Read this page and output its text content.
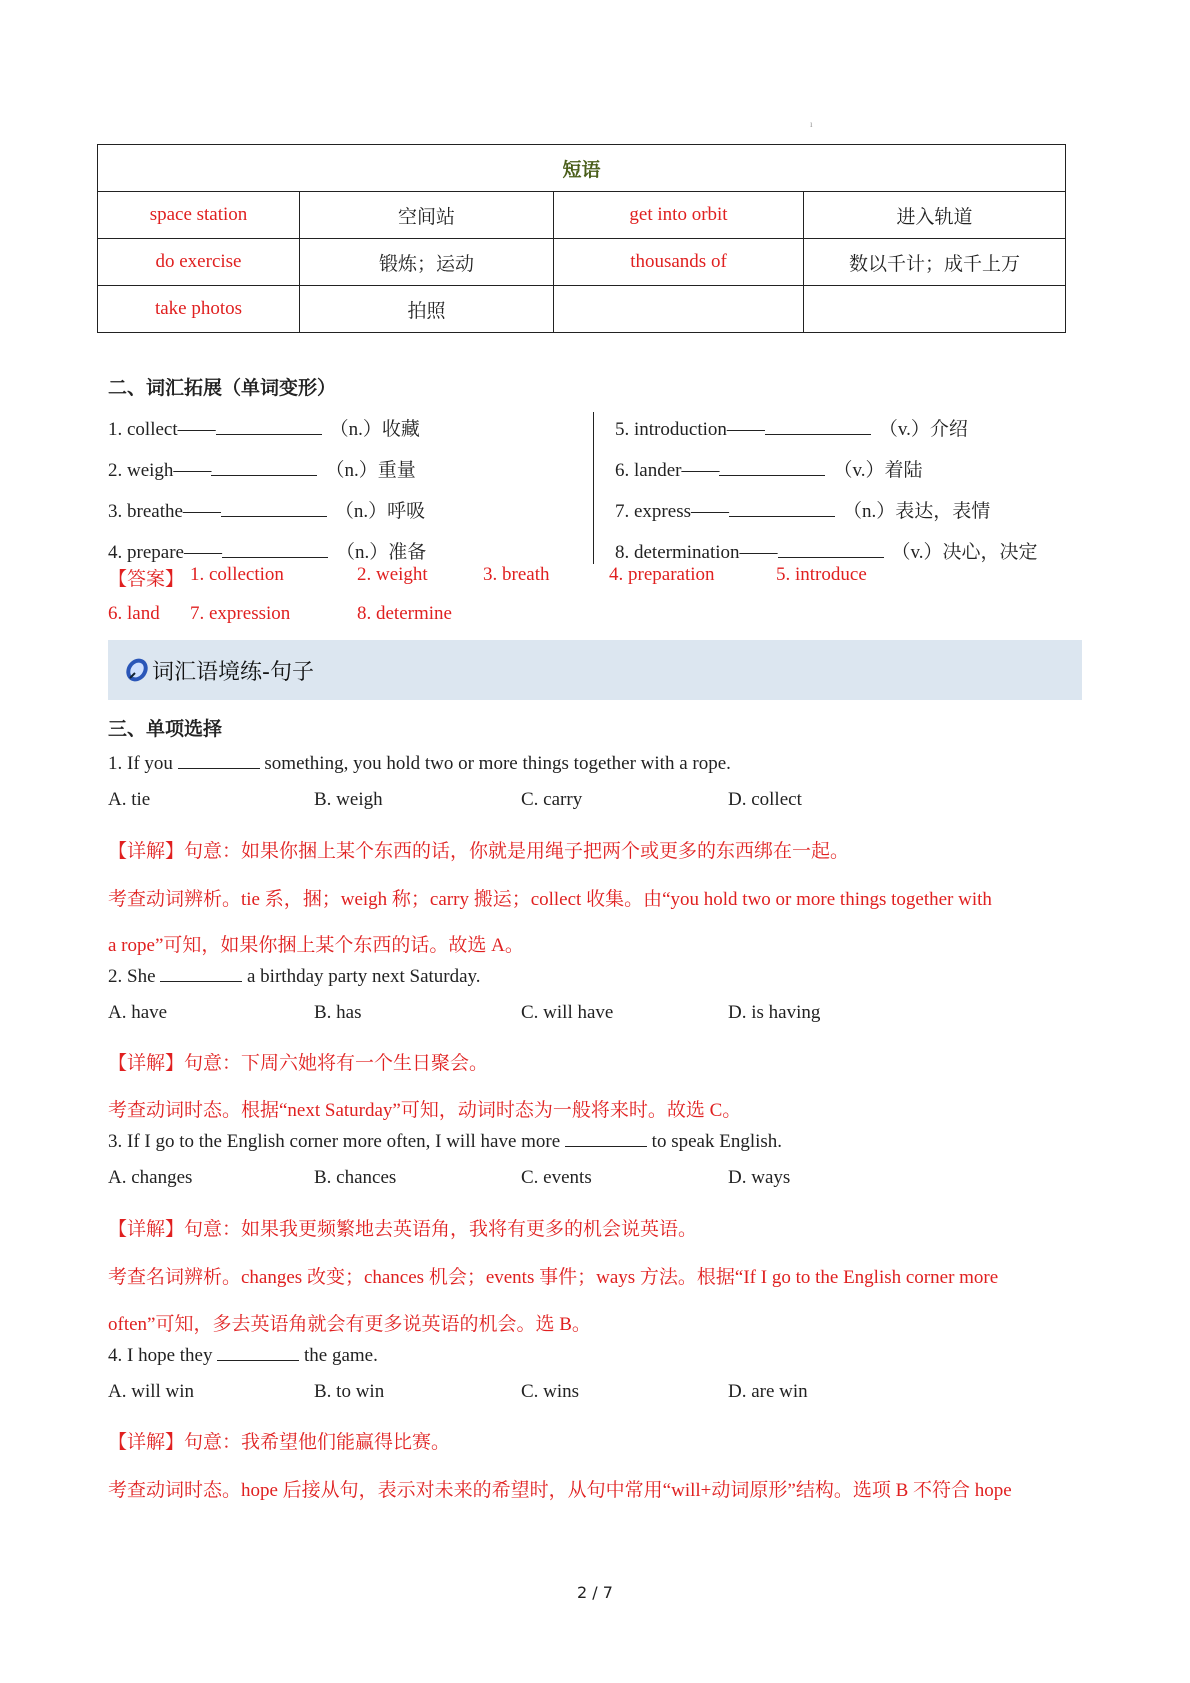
ı
短语			
space station	空间站	get into orbit	进入轨道
do exercise	锻炼；运动	thousands of	数以千计；成千上万
take photos	拍照		
二、词汇拓展（单词变形）
1. collect——	（n.）收藏
2. weigh——	（n.）重量
3. breathe——	（n.）呼吸
4. prepare——	（n.）准备
5. introduction——	（v.）介绍
6. lander——	（v.）着陆
7. express——	（n.）表达，表情
8. determination——	（v.）决心，决定
【答案】 1. collection	2. weight	3. breath	4. preparation	5. introduce
6. land 7. expression	8. determine
词汇语境练-句子
三、单项选择
1. If you	something, you hold two or more things together with a rope.
A. tie	B. weigh	C. carry	D. collect
【详解】句意：如果你捆上某个东西的话，你就是用绳子把两个或更多的东西绑在一起。
考查动词辨析。tie 系，捆；weigh 称；carry 搬运；collect 收集。由“you hold two or more things together with
a rope”可知，如果你捆上某个东西的话。故选 A。
2. She	a birthday party next Saturday.
A. have	B. has	C. will have	D. is having
【详解】句意：下周六她将有一个生日聚会。
考查动词时态。根据“next Saturday”可知，动词时态为一般将来时。故选 C。
3. If I go to the English corner more often, I will have more	to speak English.
A. changes	B. chances	C. events	D. ways
【详解】句意：如果我更频繁地去英语角，我将有更多的机会说英语。
考查名词辨析。changes 改变；chances 机会；events 事件；ways 方法。根据“If I go to the English corner more
often”可知，多去英语角就会有更多说英语的机会。选 B。
4. I hope they	the game.
A. will win	B. to win	C. wins	D. are win
【详解】句意：我希望他们能赢得比赛。
考查动词时态。hope 后接从句，表示对未来的希望时，从句中常用“will+动词原形”结构。选项 B 不符合 hope
2 / 7
